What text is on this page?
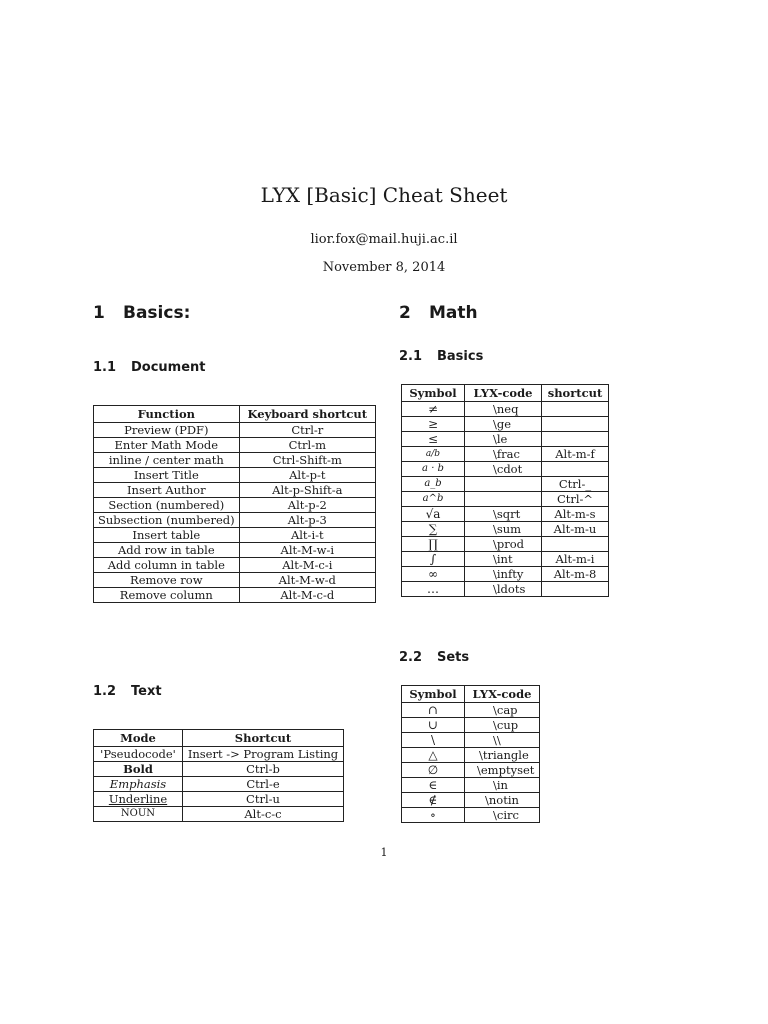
LYX [Basic] Cheat Sheet
lior.fox@mail.huji.ac.il
November 8, 2014
1 Basics:
1.1 Document
Function	Keyboard shortcut
Preview (PDF)	Ctrl-r
Enter Math Mode	Ctrl-m
inline / center math	Ctrl-Shift-m
Insert Title	Alt-p-t
Insert Author	Alt-p-Shift-a
Section (numbered)	Alt-p-2
Subsection (numbered)	Alt-p-3
Insert table	Alt-i-t
Add row in table	Alt-M-w-i
Add column in table	Alt-M-c-i
Remove row	Alt-M-w-d
Remove column	Alt-M-c-d
1.2 Text
Mode	Shortcut
'Pseudocode'	Insert -> Program Listing
Bold	Ctrl-b
Emphasis	Ctrl-e
Underline	Ctrl-u
NOUN	Alt-c-c
2 Math
2.1 Basics
Symbol	LYX-code	shortcut
≠	\neq	
≥	\ge	
≤	\le	
a/b	\frac	Alt-m-f
a · b	\cdot	
a_b		Ctrl-_
a^b		Ctrl-^
√a	\sqrt	Alt-m-s
∑	\sum	Alt-m-u
∏	\prod	
∫	\int	Alt-m-i
∞	\infty	Alt-m-8
…	\ldots	
2.2 Sets
Symbol	LYX-code
∩	\cap
∪	\cup
\	\\
△	\triangle
∅	\emptyset
∈	\in
∉	\notin
∘	\circ
1
